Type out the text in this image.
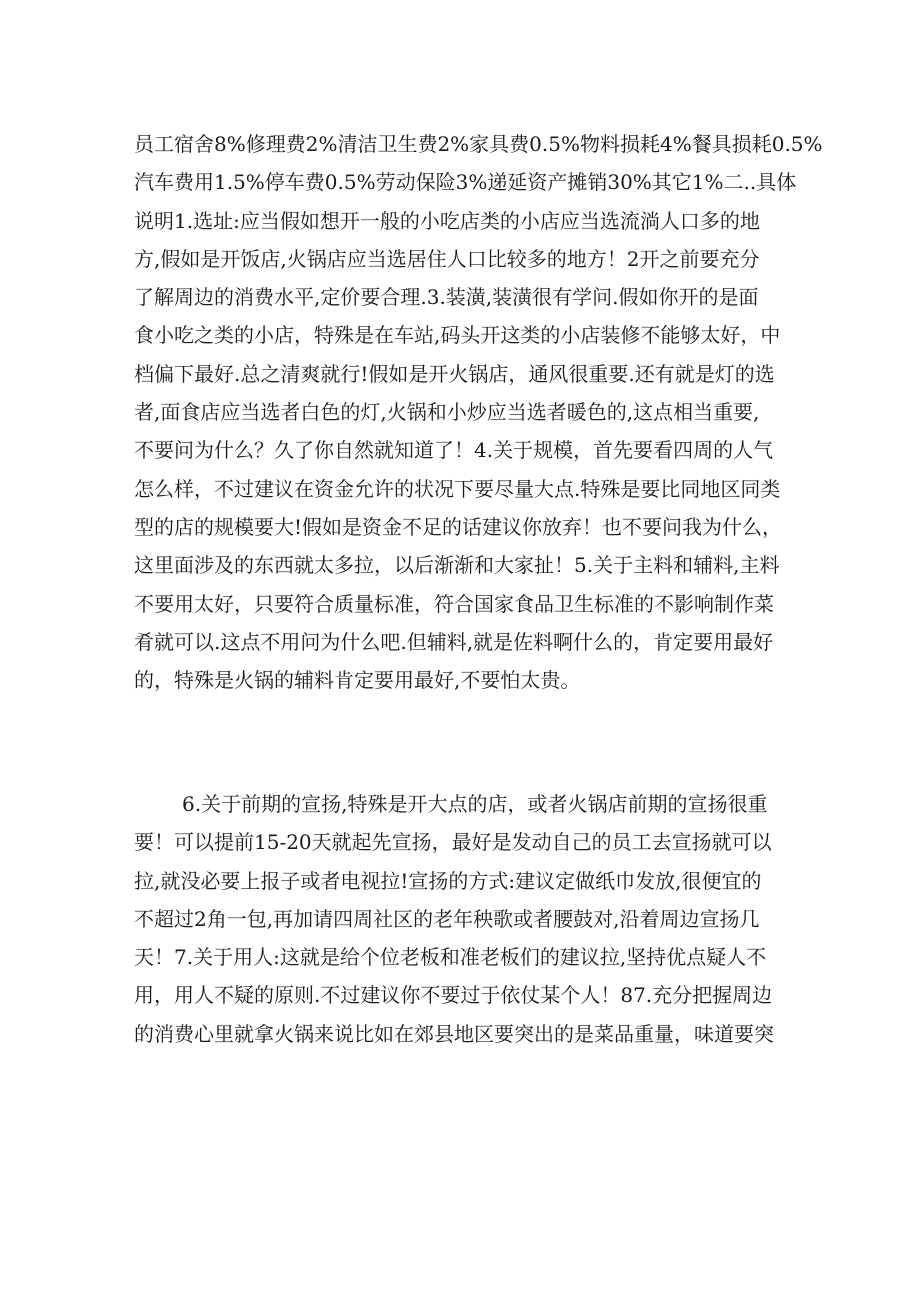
员工宿舍8%修理费2%清洁卫生费2%家具费0.5%物料损耗4%餐具损耗0.5%
汽车费用1.5%停车费0.5%劳动保险3%递延资产摊销30%其它1%二..具体
说明1.选址:应当假如想开一般的小吃店类的小店应当选流淌人口多的地
方,假如是开饭店,火锅店应当选居住人口比较多的地方！2开之前要充分
了解周边的消费水平,定价要合理.3.装潢,装潢很有学问.假如你开的是面
食小吃之类的小店，特殊是在车站,码头开这类的小店装修不能够太好，中
档偏下最好.总之清爽就行!假如是开火锅店，通风很重要.还有就是灯的选
者,面食店应当选者白色的灯,火锅和小炒应当选者暖色的,这点相当重要,
不要问为什么？久了你自然就知道了！4.关于规模，首先要看四周的人气
怎么样，不过建议在资金允许的状况下要尽量大点.特殊是要比同地区同类
型的店的规模要大!假如是资金不足的话建议你放弃！也不要问我为什么，
这里面涉及的东西就太多拉，以后渐渐和大家扯！5.关于主料和辅料,主料
不要用太好，只要符合质量标准，符合国家食品卫生标准的不影响制作菜
肴就可以.这点不用问为什么吧.但辅料,就是佐料啊什么的，肯定要用最好
的，特殊是火锅的辅料肯定要用最好,不要怕太贵。
6.关于前期的宣扬,特殊是开大点的店，或者火锅店前期的宣扬很重
要！可以提前15-20天就起先宣扬，最好是发动自己的员工去宣扬就可以
拉,就没必要上报子或者电视拉!宣扬的方式:建议定做纸巾发放,很便宜的
不超过2角一包,再加请四周社区的老年秧歌或者腰鼓对,沿着周边宣扬几
天！7.关于用人:这就是给个位老板和准老板们的建议拉,坚持优点疑人不
用，用人不疑的原则.不过建议你不要过于依仗某个人！87.充分把握周边
的消费心里就拿火锅来说比如在郊县地区要突出的是菜品重量，味道要突
